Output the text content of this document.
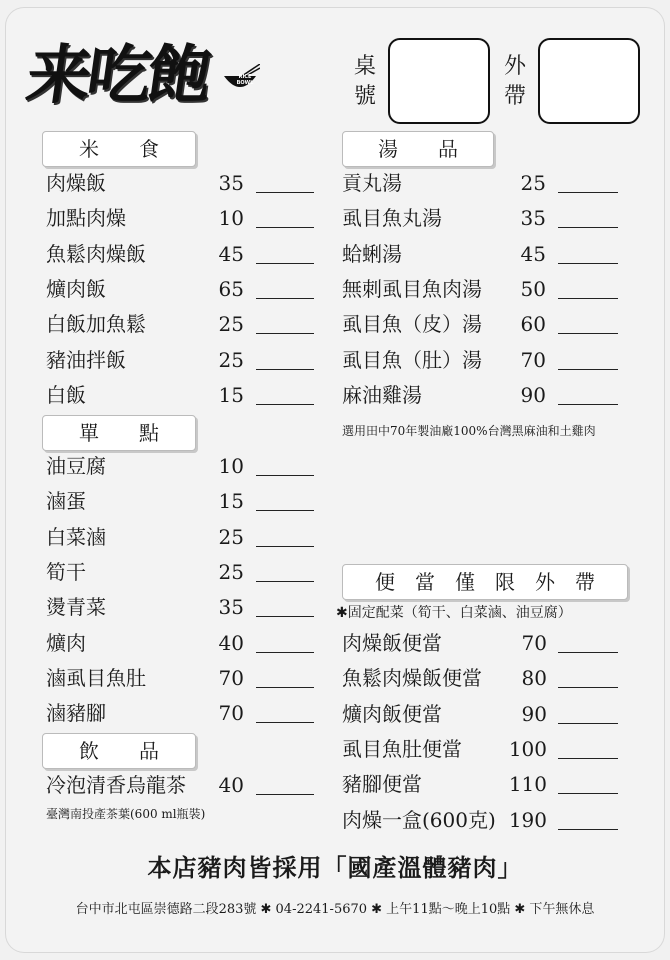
来吃飽	RICE BOWL
桌
號
外
帶
米　　食
單　　點
飲　　品
湯　　品
便　當　僅　限　外　帶
肉燥飯	35
加點肉燥	10
魚鬆肉燥飯	45
爌肉飯	65
白飯加魚鬆	25
豬油拌飯	25
白飯	15
油豆腐	10
滷蛋	15
白菜滷	25
筍干	25
燙青菜	35
爌肉	40
滷虱目魚肚	70
滷豬腳	70
冷泡清香烏龍茶	40
貢丸湯	25
虱目魚丸湯	35
蛤蜊湯	45
無刺虱目魚肉湯	50
虱目魚（皮）湯	60
虱目魚（肚）湯	70
麻油雞湯	90
肉燥飯便當	70
魚鬆肉燥飯便當	80
爌肉飯便當	90
虱目魚肚便當 100
豬腳便當	110
肉燥一盒(600克) 190
臺灣南投產茶葉(600 ml瓶裝)
選用田中70年製油廠100%台灣黑麻油和土雞肉
✱固定配菜（筍干、白菜滷、油豆腐）
本店豬肉皆採用「國產溫體豬肉」
台中市北屯區崇德路二段283號 ✱ 04-2241-5670 ✱ 上午11點～晚上10點 ✱ 下午無休息
